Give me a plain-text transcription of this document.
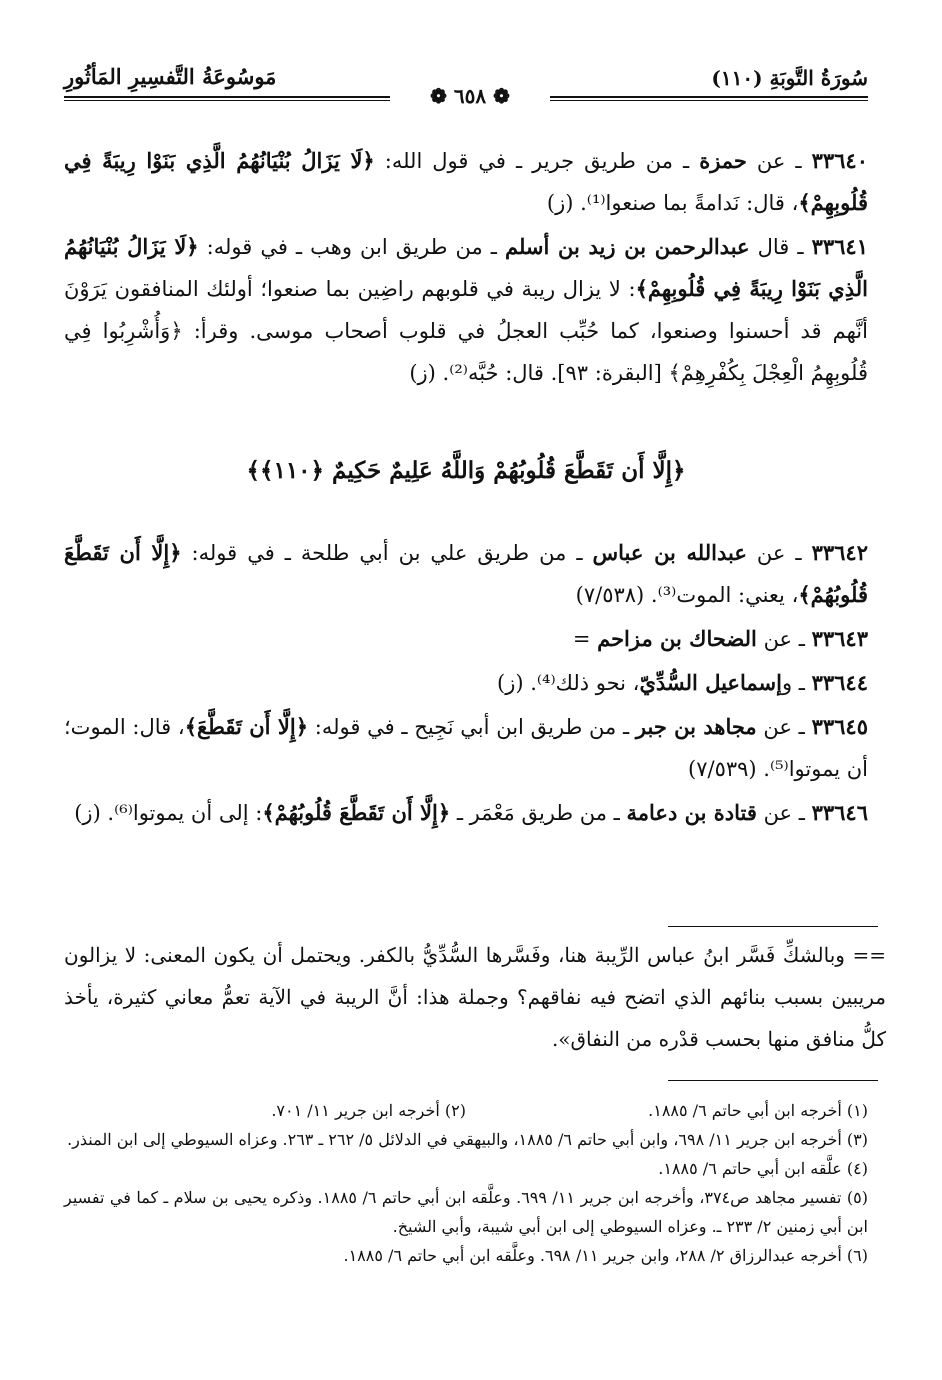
سُورَةُ التَّوبَةِ (١١٠)
مَوسُوعَةُ التَّفسِيرِ المَأثُورِ
❁ ٦٥٨ ❁

٣٣٦٤٠ ـ عن حمزة ـ من طريق جرير ـ في قول الله: ﴿لَا يَزَالُ بُنْيَانُهُمُ الَّذِي بَنَوْا رِيبَةً فِي قُلُوبِهِمْ﴾، قال: نَدامةً بما صنعوا⁽¹⁾. (ز)

٣٣٦٤١ ـ قال عبدالرحمن بن زيد بن أسلم ـ من طريق ابن وهب ـ في قوله: ﴿لَا يَزَالُ بُنْيَانُهُمُ الَّذِي بَنَوْا رِيبَةً فِي قُلُوبِهِمْ﴾: لا يزال ريبة في قلوبهم راضِين بما صنعوا؛ أولئك المنافقون يَرَوْنَ أنَّهم قد أحسنوا وصنعوا، كما حُبِّب العجلُ في قلوب أصحاب موسى. وقرأ: ﴿وَأُشْرِبُوا فِي قُلُوبِهِمُ الْعِجْلَ بِكُفْرِهِمْ﴾ [البقرة: ٩٣]. قال: حُبَّه⁽²⁾. (ز)

﴿إِلَّا أَن تَقَطَّعَ قُلُوبُهُمْ وَاللَّهُ عَلِيمٌ حَكِيمٌ ﴿١١٠﴾﴾

٣٣٦٤٢ ـ عن عبدالله بن عباس ـ من طريق علي بن أبي طلحة ـ في قوله: ﴿إِلَّا أَن تَقَطَّعَ قُلُوبُهُمْ﴾، يعني: الموت⁽³⁾. (٧/٥٣٨)

٣٣٦٤٣ ـ عن الضحاك بن مزاحم =

٣٣٦٤٤ ـ وإسماعيل السُّدِّيّ، نحو ذلك⁽⁴⁾. (ز)

٣٣٦٤٥ ـ عن مجاهد بن جبر ـ من طريق ابن أبي نَجِيح ـ في قوله: ﴿إِلَّا أَن تَقَطَّعَ﴾، قال: الموت؛ أن يموتوا⁽⁵⁾. (٧/٥٣٩)

٣٣٦٤٦ ـ عن قتادة بن دعامة ـ من طريق مَعْمَر ـ ﴿إِلَّا أَن تَقَطَّعَ قُلُوبُهُمْ﴾: إلى أن يموتوا⁽⁶⁾. (ز)

== وبالشكِّ فَسَّر ابنُ عباس الرِّيبة هنا، وفَسَّرها السُّدِّيُّ بالكفر. ويحتمل أن يكون المعنى: لا يزالون مريبين بسبب بنائهم الذي اتضح فيه نفاقهم؟ وجملة هذا: أنَّ الريبة في الآية تعمُّ معاني كثيرة، يأخذ كلُّ منافق منها بحسب قدْره من النفاق».
(١) أخرجه ابن أبي حاتم ٦/ ١٨٨٥.
(٢) أخرجه ابن جرير ١١/ ٧٠١.

(٣) أخرجه ابن جرير ١١/ ٦٩٨، وابن أبي حاتم ٦/ ١٨٨٥، والبيهقي في الدلائل ٥/ ٢٦٢ ـ ٢٦٣. وعزاه السيوطي إلى ابن المنذر.

(٤) علَّقه ابن أبي حاتم ٦/ ١٨٨٥.

(٥) تفسير مجاهد ص٣٧٤، وأخرجه ابن جرير ١١/ ٦٩٩. وعلَّقه ابن أبي حاتم ٦/ ١٨٨٥. وذكره يحيى بن سلام ـ كما في تفسير ابن أبي زمنين ٢/ ٢٣٣ ـ. وعزاه السيوطي إلى ابن أبي شيبة، وأبي الشيخ.

(٦) أخرجه عبدالرزاق ٢/ ٢٨٨، وابن جرير ١١/ ٦٩٨. وعلَّقه ابن أبي حاتم ٦/ ١٨٨٥.
